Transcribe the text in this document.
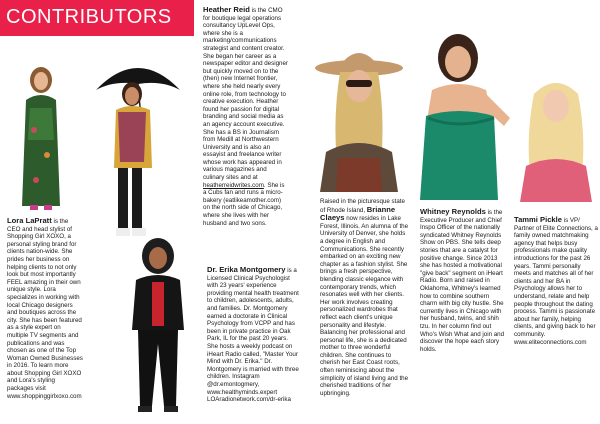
CONTRIBUTORS	Heather Reid is the CMO for boutique legal operations consultancy UpLevel Ops, where she is a marketing/communications strategist and content creator. She began her career as a newspaper editor and designer but quickly moved on to the (then) new Internet frontier, where she held nearly every online role, from technology to creative execution. Heather found her passion for digital branding and social media as an agency account executive. She has a BS in Journalism from Medill at Northwestern University and is also an essayist and freelance writer whose work has appeared in various magazines and culinary sites and at heatherreidwrites.com. She is a Cubs fan and runs a micro-bakery (eatlikeamother.com) on the north side of Chicago, where she lives with her husband and two sons.
Lora LaPratt is the CEO and head stylist of Shopping Girl XOXO, a personal styling brand for clients nation-wide. She prides her business on helping clients to not only look but most importantly FEEL amazing in their own unique style. Lora specializes in working with local Chicago designers and boutiques across the city. She has been featured as a style expert on multiple TV segments and publications and was chosen as one of the Top Woman Owned Businesses in 2016. To learn more about Shopping Girl XOXO and Lora's styling packages visit
www.shoppinggirlxoxo.com
Dr. Erika Montgomery is a Licensed Clinical Psychologist with 23 years' experience providing mental health treatment to children, adolescents, adults, and families. Dr. Montgomery earned a doctorate in Clinical Psychology from VCPP and has been in private practice in Oak Park, IL for the past 20 years. She hosts a weekly podcast on iHeart Radio called, "Master Your Mind with Dr. Erika." Dr. Montgomery is married with three children. Instagram @dr.emontogmery,
www.healthyminds.expert
LOAradionetwork.com/dr-erika
Raised in the picturesque state of Rhode Island, Brianne Claeys now resides in Lake Forest, Illinois. An alumna of the University of Denver, she holds a degree in English and Communications. She recently embarked on an exciting new chapter as a fashion stylist. She brings a fresh perspective, blending classic elegance with contemporary trends, which resonates well with her clients. Her work involves creating personalized wardrobes that reflect each client's unique personality and lifestyle. Balancing her professional and personal life, she is a dedicated mother to three wonderful children. She continues to cherish her East Coast roots, often reminiscing about the simplicity of island living and the cherished traditions of her upbringing.
Whitney Reynolds is the Executive Producer and Chief Inspo Officer of the nationally syndicated Whitney Reynolds Show on PBS. She tells deep stories that are a catalyst for positive change. Since 2013 she has hosted a motivational "give back" segment on iHeart Radio. Born and raised in Oklahoma, Whitney's learned how to combine southern charm with big city hustle. She currently lives in Chicago with her husband, twins, and shih tzu. In her column find out Who's Wish What and join and discover the hope each story holds.
Tammi Pickle is VP/ Partner of Elite Connections, a family owned matchmaking agency that helps busy professionals make quality introductions for the past 26 years. Tammi personally meets and matches all of her clients and her BA in Psychology allows her to understand, relate and help people throughout the dating process. Tammi is passionate about her family, helping clients, and giving back to her community.
www.eliteconnections.com
